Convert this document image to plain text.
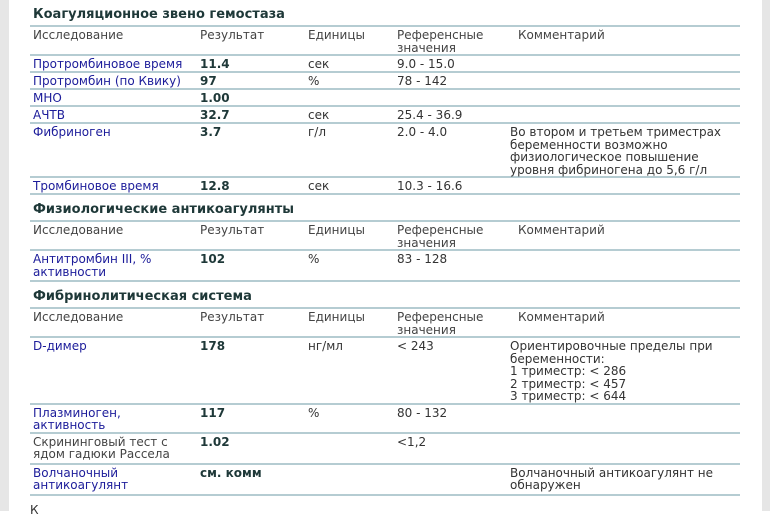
Коагуляционное звено гемостаза
Исследование	Результат	Единицы	Референсные значения	Комментарий
Протромбиновое время	11.4	сек	9.0 - 15.0	
Протромбин (по Квику)	97	%	78 - 142	
МНО	1.00			
АЧТВ	32.7	сек	25.4 - 36.9	
Фибриноген	3.7	г/л	2.0 - 4.0	Во втором и третьем триместрах беременности возможно физиологическое повышение уровня фибриногена до 5,6 г/л
Тромбиновое время	12.8	сек	10.3 - 16.6	
Физиологические антикоагулянты
Исследование	Результат	Единицы	Референсные значения	Комментарий
Антитромбин III, % активности	102	%	83 - 128	
Фибринолитическая система
Исследование	Результат	Единицы	Референсные значения	Комментарий
D-димер	178	нг/мл	< 243	Ориентировочные пределы при беременности:
1 триместр: < 286
2 триместр: < 457
3 триместр: < 644
Плазминоген, активность	117	%	80 - 132	
Скрининговый тест с ядом гадюки Рассела	1.02		<1,2	
Волчаночный антикоагулянт	см. комм			Волчаночный антикоагулянт не обнаружен
К
